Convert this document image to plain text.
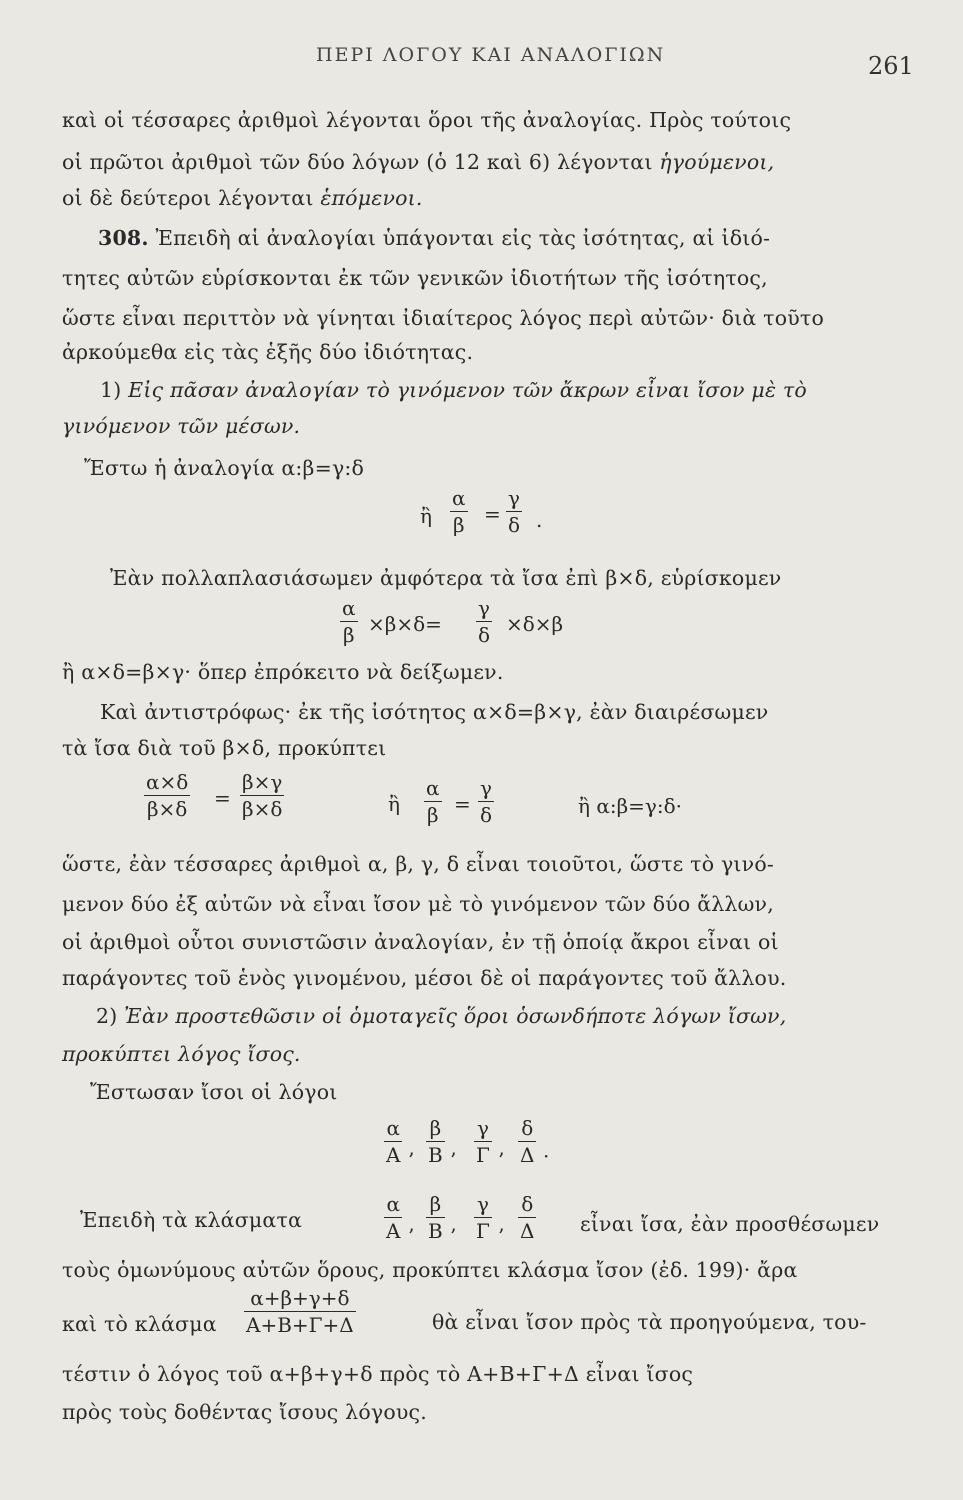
ΠΕΡΙ ΛΟΓΟΥ ΚΑΙ ΑΝΑΛΟΓΙΩΝ	261
καὶ οἱ τέσσαρες ἀριθμοὶ λέγονται ὅροι τῆς ἀναλογίας. Πρὸς τούτοις
οἱ πρῶτοι ἀριθμοὶ τῶν δύο λόγων (ὁ 12 καὶ 6) λέγονται ἡγούμενοι,
οἱ δὲ δεύτεροι λέγονται ἑπόμενοι.
308. Ἐπειδὴ αἱ ἀναλογίαι ὑπάγονται εἰς τὰς ἰσότητας, αἱ ἰδιό-
τητες αὐτῶν εὑρίσκονται ἐκ τῶν γενικῶν ἰδιοτήτων τῆς ἰσότητος,
ὥστε εἶναι περιττὸν νὰ γίνηται ἰδιαίτερος λόγος περὶ αὐτῶν· διὰ τοῦτο
ἀρκούμεθα εἰς τὰς ἑξῆς δύο ἰδιότητας.
1) Εἰς πᾶσαν ἀναλογίαν τὸ γινόμενον τῶν ἄκρων εἶναι ἴσον μὲ τὸ
γινόμενον τῶν μέσων.
Ἔστω ἡ ἀναλογία α:β=γ:δ
ἢ $\frac{\alpha}{\beta} = \frac{\gamma}{\delta}$ .
Ἐὰν πολλαπλασιάσωμεν ἀμφότερα τὰ ἴσα ἐπὶ β×δ, εὑρίσκομεν
$\frac{\alpha}{\beta} \times\beta\times\delta= \frac{\gamma}{\delta} \times\delta\times\beta$
ἢ α×δ=β×γ· ὅπερ ἐπρόκειτο νὰ δείξωμεν.
Καὶ ἀντιστρόφως· ἐκ τῆς ἰσότητος α×δ=β×γ, ἐὰν διαιρέσωμεν
τὰ ἴσα διὰ τοῦ β×δ, προκύπτει
$\frac{\alpha\times\delta}{\beta\times\delta} = \frac{\beta\times\gamma}{\beta\times\delta}$	ἢ $\frac{\alpha}{\beta} = \frac{\gamma}{\delta}$	ἢ α:β=γ:δ·
ὥστε, ἐὰν τέσσαρες ἀριθμοὶ α, β, γ, δ εἶναι τοιοῦτοι, ὥστε τὸ γινό-
μενον δύο ἐξ αὐτῶν νὰ εἶναι ἴσον μὲ τὸ γινόμενον τῶν δύο ἄλλων,
οἱ ἀριθμοὶ οὗτοι συνιστῶσιν ἀναλογίαν, ἐν τῇ ὁποίᾳ ἄκροι εἶναι οἱ
παράγοντες τοῦ ἑνὸς γινομένου, μέσοι δὲ οἱ παράγοντες τοῦ ἄλλου.
2) Ἐὰν προστεθῶσιν οἱ ὁμοταγεῖς ὅροι ὁσωνδήποτε λόγων ἴσων,
προκύπτει λόγος ἴσος.
Ἔστωσαν ἴσοι οἱ λόγοι
$\frac{\alpha}{A}$ ’ $\frac{\beta}{B}$ ’ $\frac{\gamma}{\Gamma}$ ’ $\frac{\delta}{\Delta}$ ·
Ἐπειδὴ τὰ κλάσματα	$\frac{\alpha}{A}$ ’ $\frac{\beta}{B}$ ’ $\frac{\gamma}{\Gamma}$ ’ $\frac{\delta}{\Delta}$ εἶναι ἴσα, ἐὰν προσθέσωμεν
τοὺς ὁμωνύμους αὐτῶν ὅρους, προκύπτει κλάσμα ἴσον (ἐδ. 199)· ἄρα
καὶ τὸ κλάσμα $\frac{\alpha+\beta+\gamma+\delta}{A+B+\Gamma+\Delta}$	θὰ εἶναι ἴσον πρὸς τὰ προηγούμενα, του-
τέστιν ὁ λόγος τοῦ α+β+γ+δ πρὸς τὸ Α+Β+Γ+Δ εἶναι ἴσος
πρὸς τοὺς δοθέντας ἴσους λόγους.
